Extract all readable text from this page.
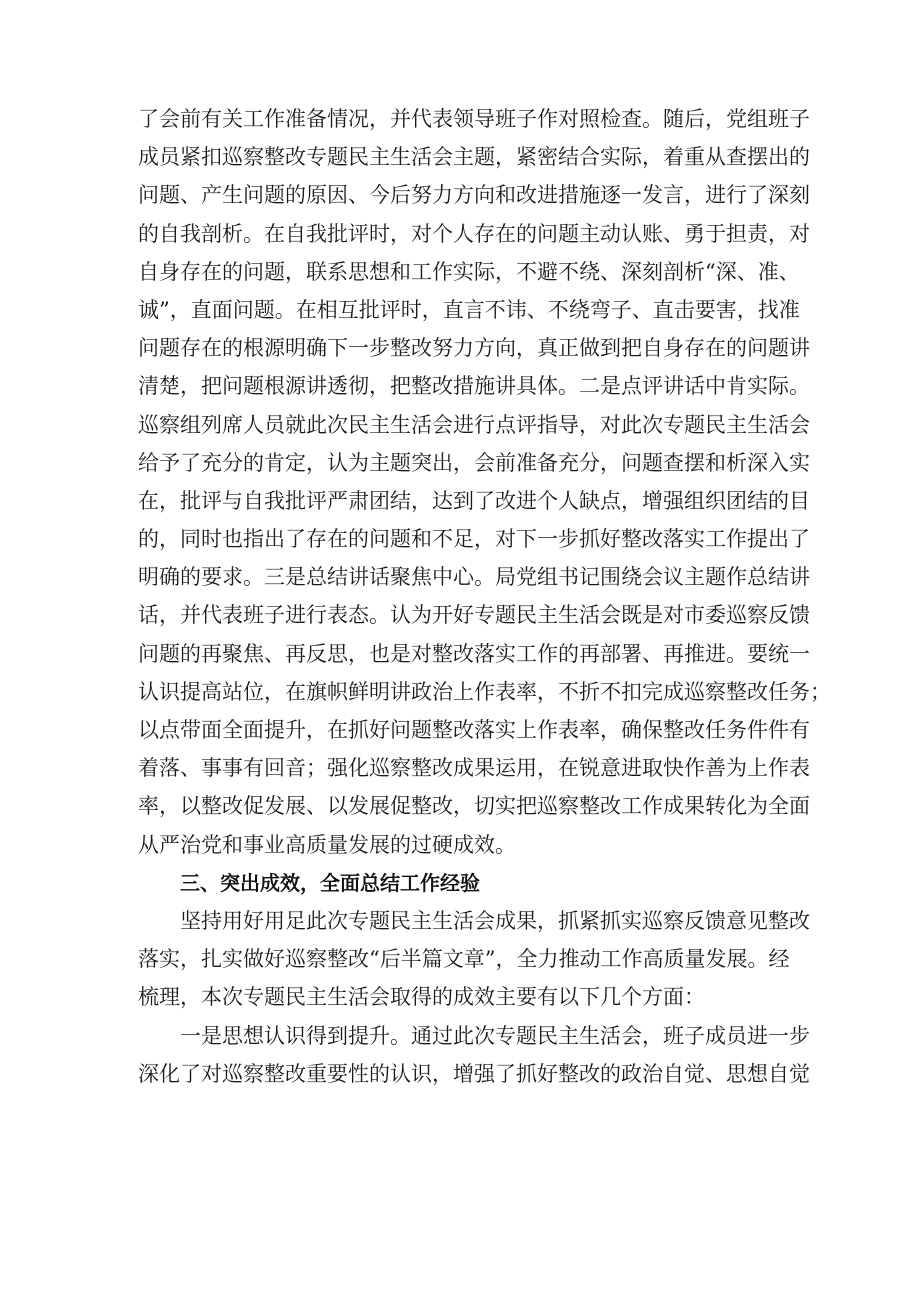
了会前有关工作准备情况，并代表领导班子作对照检查。随后，党组班子
成员紧扣巡察整改专题民主生活会主题，紧密结合实际，着重从查摆出的
问题、产生问题的原因、今后努力方向和改进措施逐一发言，进行了深刻
的自我剖析。在自我批评时，对个人存在的问题主动认账、勇于担责，对
自身存在的问题，联系思想和工作实际，不避不绕、深刻剖析“深、准、
诚”，直面问题。在相互批评时，直言不讳、不绕弯子、直击要害，找准
问题存在的根源明确下一步整改努力方向，真正做到把自身存在的问题讲
清楚，把问题根源讲透彻，把整改措施讲具体。二是点评讲话中肯实际。
巡察组列席人员就此次民主生活会进行点评指导，对此次专题民主生活会
给予了充分的肯定，认为主题突出，会前准备充分，问题查摆和析深入实
在，批评与自我批评严肃团结，达到了改进个人缺点，增强组织团结的目
的，同时也指出了存在的问题和不足，对下一步抓好整改落实工作提出了
明确的要求。三是总结讲话聚焦中心。局党组书记围绕会议主题作总结讲
话，并代表班子进行表态。认为开好专题民主生活会既是对市委巡察反馈
问题的再聚焦、再反思，也是对整改落实工作的再部署、再推进。要统一
认识提高站位，在旗帜鲜明讲政治上作表率，不折不扣完成巡察整改任务；
以点带面全面提升，在抓好问题整改落实上作表率，确保整改任务件件有
着落、事事有回音；强化巡察整改成果运用，在锐意进取快作善为上作表
率，以整改促发展、以发展促整改，切实把巡察整改工作成果转化为全面
从严治党和事业高质量发展的过硬成效。
三、突出成效，全面总结工作经验
坚持用好用足此次专题民主生活会成果，抓紧抓实巡察反馈意见整改
落实，扎实做好巡察整改“后半篇文章”，全力推动工作高质量发展。经
梳理，本次专题民主生活会取得的成效主要有以下几个方面：
一是思想认识得到提升。通过此次专题民主生活会，班子成员进一步
深化了对巡察整改重要性的认识，增强了抓好整改的政治自觉、思想自觉
